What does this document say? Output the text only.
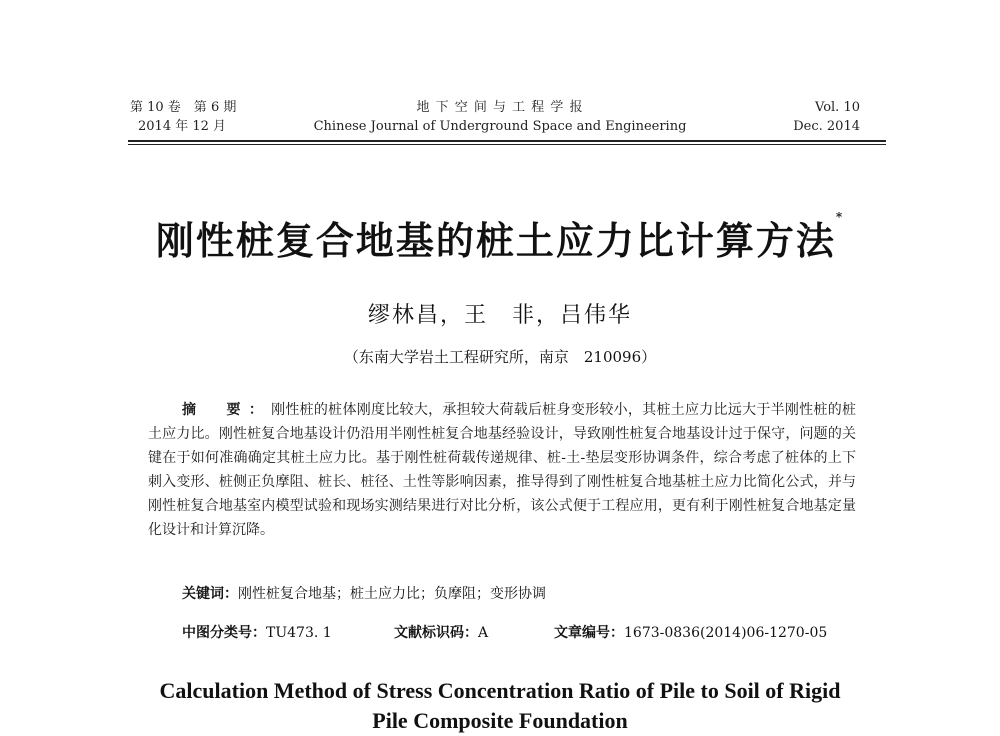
第 10 卷　第 6 期
2014 年 12 月
地 下 空 间 与 工 程 学 报
Chinese Journal of Underground Space and Engineering
Vol. 10
Dec. 2014
刚性桩复合地基的桩土应力比计算方法*
缪林昌，王　非，吕伟华
（东南大学岩土工程研究所，南京　210096）
摘　要：刚性桩的桩体刚度比较大，承担较大荷载后桩身变形较小，其桩土应力比远大于半刚性桩的桩土应力比。刚性桩复合地基设计仍沿用半刚性桩复合地基经验设计，导致刚性桩复合地基设计过于保守，问题的关键在于如何准确确定其桩土应力比。基于刚性桩荷载传递规律、桩-土-垫层变形协调条件，综合考虑了桩体的上下刺入变形、桩侧正负摩阻、桩长、桩径、土性等影响因素，推导得到了刚性桩复合地基桩土应力比简化公式，并与刚性桩复合地基室内模型试验和现场实测结果进行对比分析，该公式便于工程应用，更有利于刚性桩复合地基定量化设计和计算沉降。
关键词：刚性桩复合地基；桩土应力比；负摩阻；变形协调
中图分类号：TU473. 1	文献标识码：A	文章编号：1673-0836(2014)06-1270-05
Calculation Method of Stress Concentration Ratio of Pile to Soil of Rigid
Pile Composite Foundation
